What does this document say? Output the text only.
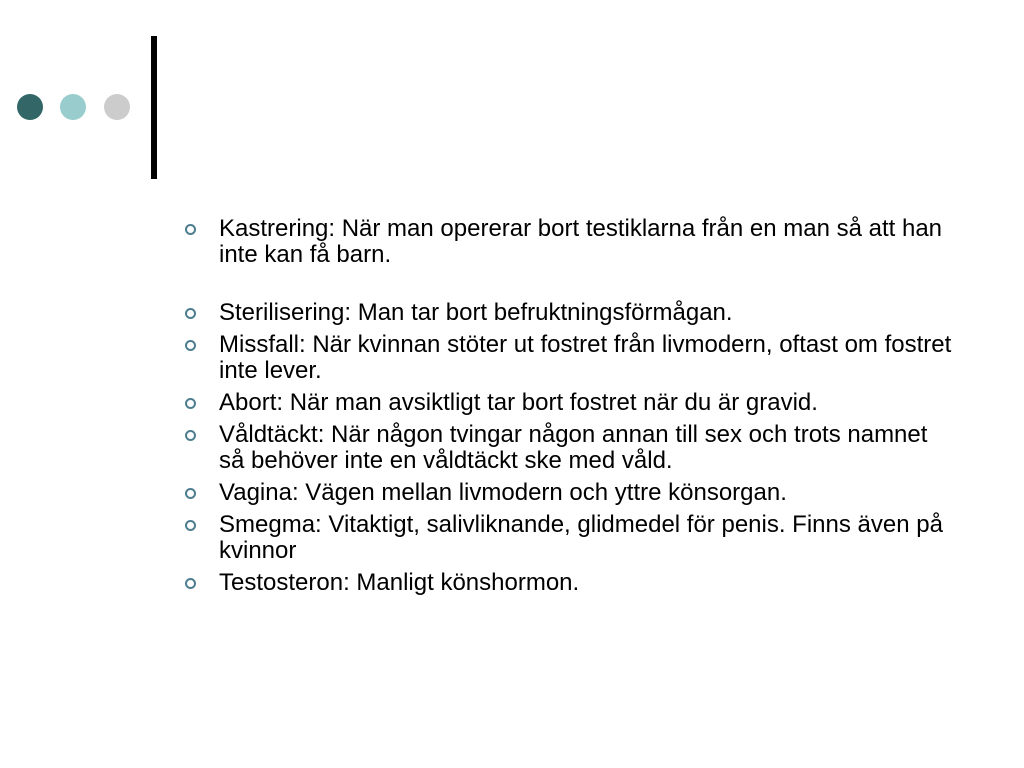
Kastrering: När man opererar bort testiklarna från en man så att han inte kan få barn.
Sterilisering: Man tar bort befruktningsförmågan.
Missfall: När kvinnan stöter ut fostret från livmodern, oftast om fostret inte lever.
Abort: När man avsiktligt tar bort fostret när du är gravid.
Våldtäckt: När någon tvingar någon annan till sex och trots namnet så behöver inte en våldtäckt ske med våld.
Vagina: Vägen mellan livmodern och yttre könsorgan.
Smegma: Vitaktigt, salivliknande, glidmedel för penis. Finns även på kvinnor
Testosteron: Manligt könshormon.
